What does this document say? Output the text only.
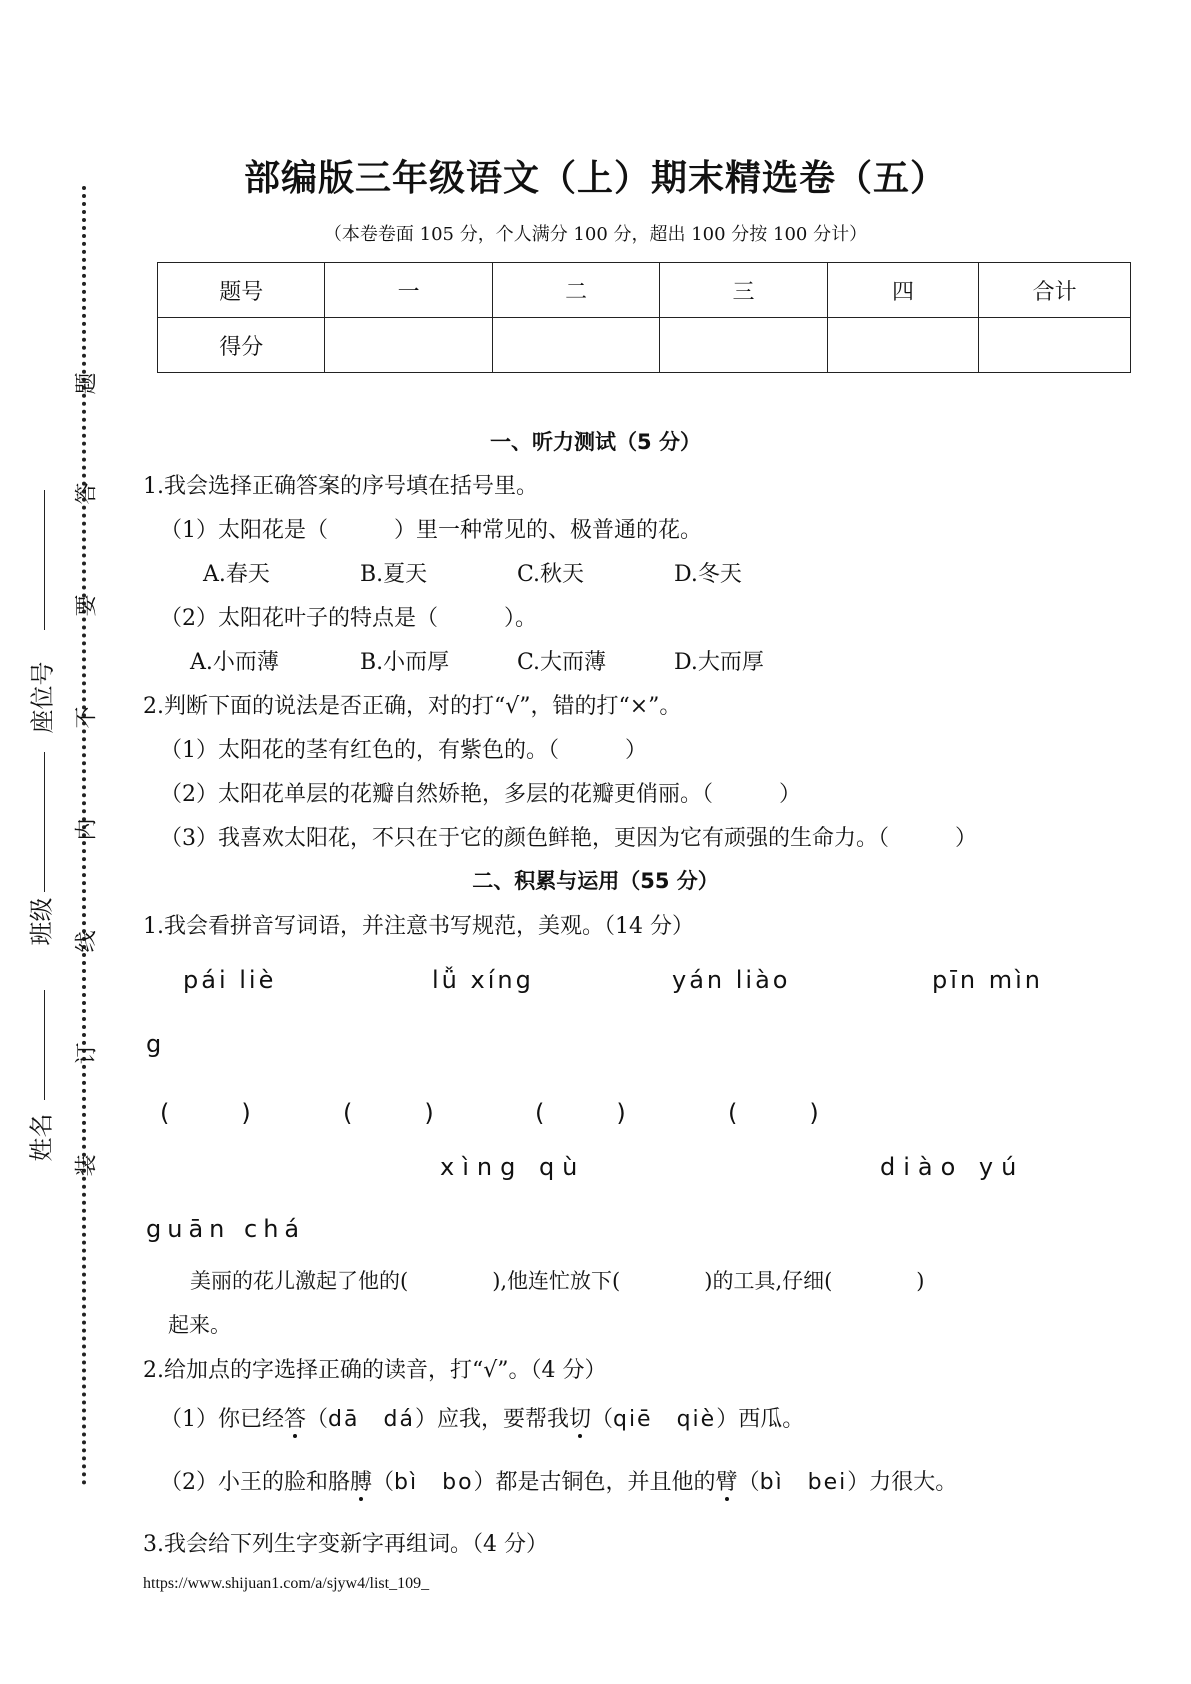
题
答
要
不
内
线
订
装
座位号
班级
姓名
部编版三年级语文（上）期末精选卷（五）
（本卷卷面 105 分，个人满分 100 分，超出 100 分按 100 分计）
题号	一	二	三	四	合计
得分					
一、听力测试（5 分）
1.我会选择正确答案的序号填在括号里。
（1）太阳花是（　　　）里一种常见的、极普通的花。
A.春天	B.夏天	C.秋天	D.冬天
（2）太阳花叶子的特点是（　　　）。
A.小而薄	B.小而厚	C.大而薄	D.大而厚
2.判断下面的说法是否正确，对的打“√”，错的打“×”。
（1）太阳花的茎有红色的，有紫色的。（　　　）
（2）太阳花单层的花瓣自然娇艳，多层的花瓣更俏丽。（　　　）
（3）我喜欢太阳花，不只在于它的颜色鲜艳，更因为它有顽强的生命力。（　　　）
二、积累与运用（55 分）
1.我会看拼音写词语，并注意书写规范，美观。（14 分）
pái liè	lǚ xíng	yán liào	pīn mìn
g
(　　　)	(　　　)	(　　　)	(　　　)
xìng qù	diào yú
guān chá
美丽的花儿激起了他的(　　　　),他连忙放下(　　　　)的工具,仔细(　　　　)
起来。
2.给加点的字选择正确的读音，打“√”。（4 分）
（1）你已经答（dā　dá）应我，要帮我切（qiē　qiè）西瓜。
（2）小王的脸和胳膊（bì　bo）都是古铜色，并且他的臂（bì　bei）力很大。
3.我会给下列生字变新字再组词。（4 分）
https://www.shijuan1.com/a/sjyw4/list_109_
